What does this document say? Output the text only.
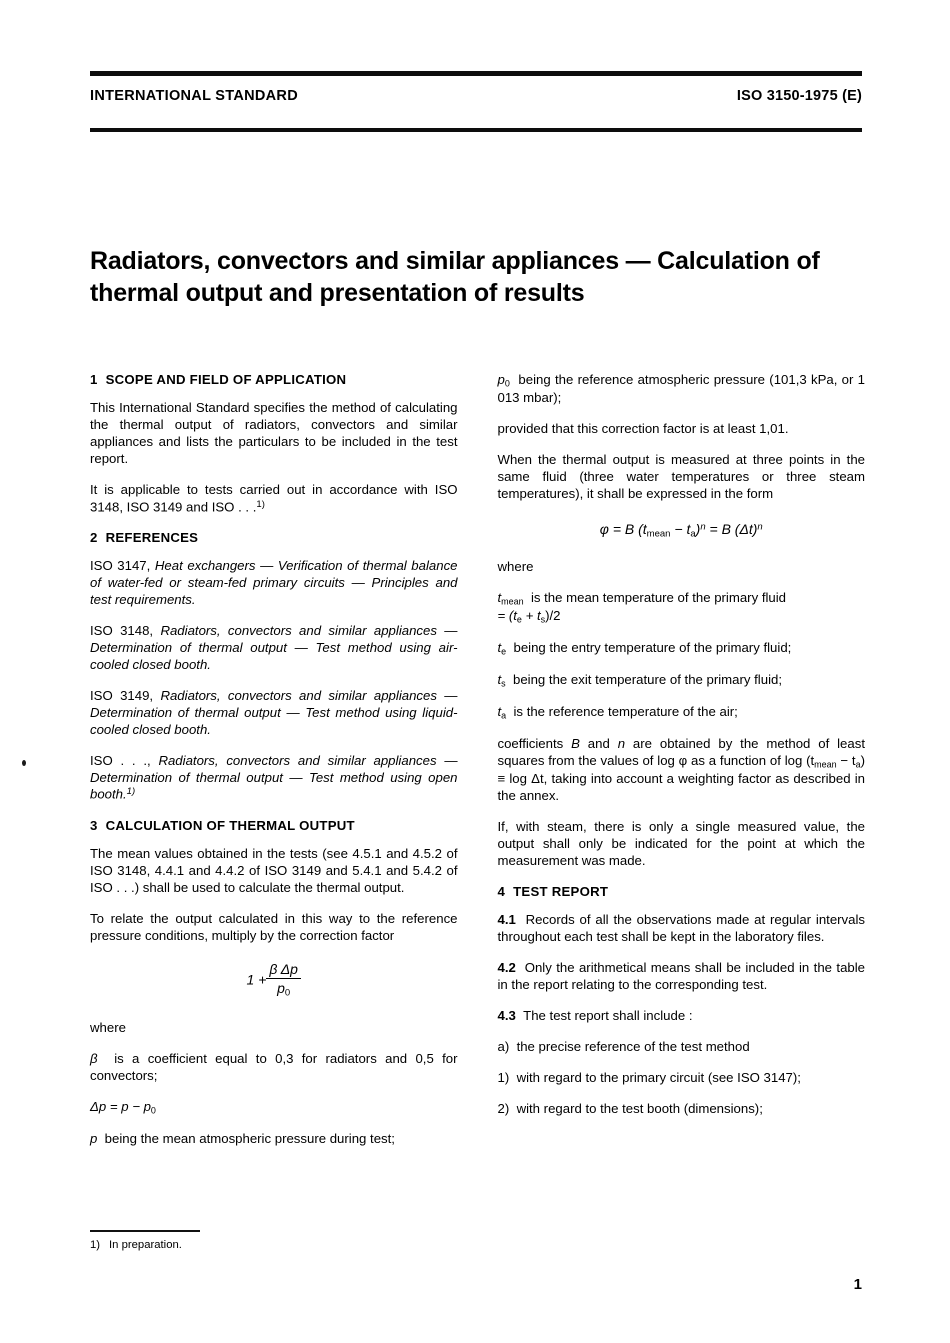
INTERNATIONAL STANDARD	ISO 3150-1975 (E)
Radiators, convectors and similar appliances — Calculation of thermal output and presentation of results
1 SCOPE AND FIELD OF APPLICATION

This International Standard specifies the method of calculating the thermal output of radiators, convectors and similar appliances and lists the particulars to be included in the test report.

It is applicable to tests carried out in accordance with ISO 3148, ISO 3149 and ISO . . .$^{1)}$

2 REFERENCES

ISO 3147, Heat exchangers — Verification of thermal balance of water-fed or steam-fed primary circuits — Principles and test requirements.

ISO 3148, Radiators, convectors and similar appliances — Determination of thermal output — Test method using air-cooled closed booth.

ISO 3149, Radiators, convectors and similar appliances — Determination of thermal output — Test method using liquid-cooled closed booth.

ISO . . ., Radiators, convectors and similar appliances — Determination of thermal output — Test method using open booth.$^{1)}$

3 CALCULATION OF THERMAL OUTPUT

The mean values obtained in the tests (see 4.5.1 and 4.5.2 of ISO 3148, 4.4.1 and 4.4.2 of ISO 3149 and 5.4.1 and 5.4.2 of ISO . . .) shall be used to calculate the thermal output.

To relate the output calculated in this way to the reference pressure conditions, multiply by the correction factor

$1 + \frac{\text{β Δp}}{p_0}$

where

β is a coefficient equal to 0,3 for radiators and 0,5 for convectors;

$\Delta p = p - p_0$

p being the mean atmospheric pressure during test;

$p_0$ being the reference atmospheric pressure (101,3 kPa, or 1 013 mbar);

provided that this correction factor is at least 1,01.

When the thermal output is measured at three points in the same fluid (three water temperatures or three steam temperatures), it shall be expressed in the form

φ = B $(t_{mean} - t_a)^n = B$ $(\Delta t)^n$

where

$t_{mean}$ is the mean temperature of the primary fluid
= $(t_e + t_s)/2$

$t_e$ being the entry temperature of the primary fluid;

$t_s$ being the exit temperature of the primary fluid;

$t_a$ is the reference temperature of the air;

coefficients B and n are obtained by the method of least squares from the values of log φ as a function of $\log (t_{mean} - t_a) \equiv \log \Delta t$, taking into account a weighting factor as described in the annex.

If, with steam, there is only a single measured value, the output shall only be indicated for the point at which the measurement was made.

4 TEST REPORT

4.1 Records of all the observations made at regular intervals throughout each test shall be kept in the laboratory files.

4.2 Only the arithmetical means shall be included in the table in the report relating to the corresponding test.

4.3 The test report shall include :

a) the precise reference of the test method

1) with regard to the primary circuit (see ISO 3147);

2) with regard to the test booth (dimensions);

1) In preparation.
1
